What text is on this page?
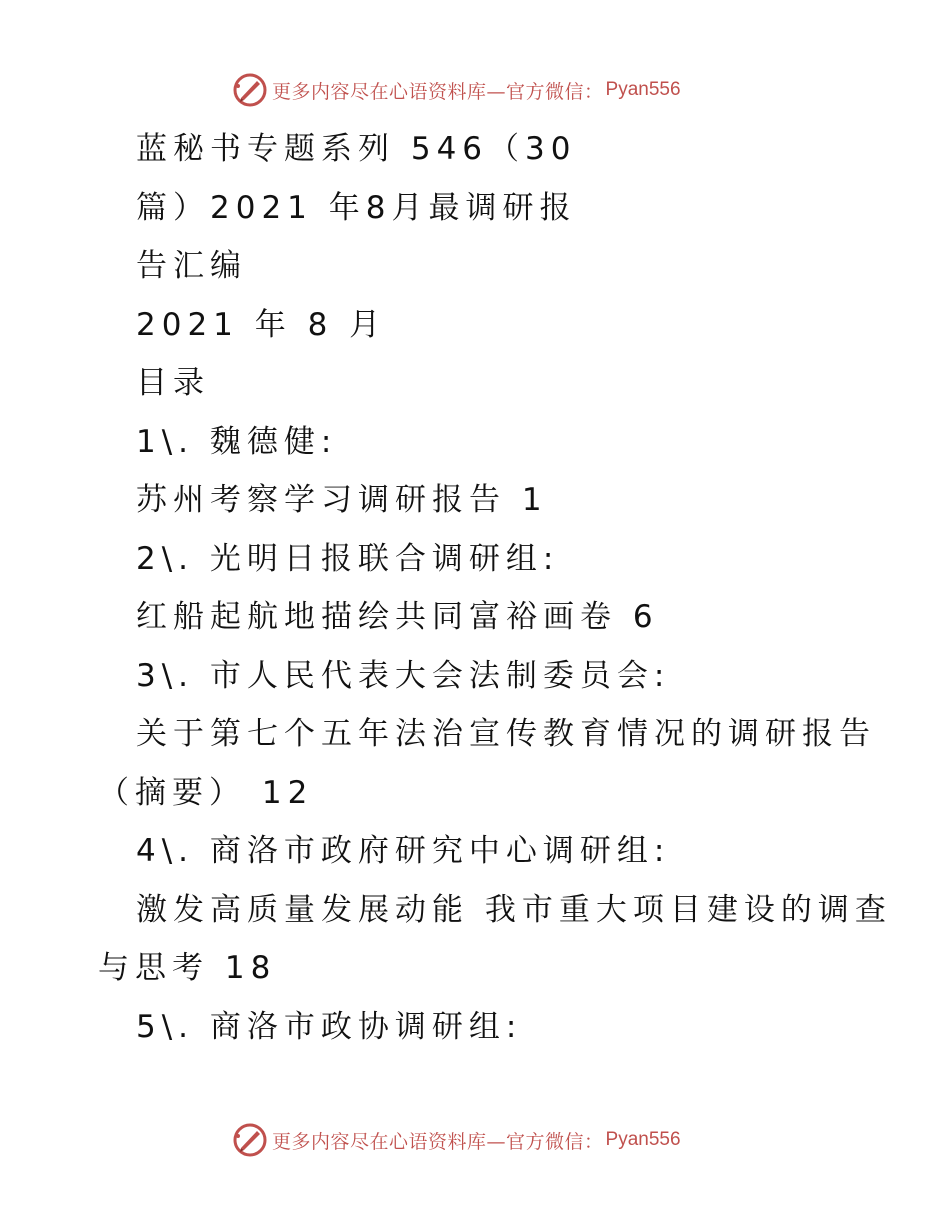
更多内容尽在心语资料库—官方微信： Pyan556
蓝秘书专题系列 546（30
篇）2021 年8月最调研报
告汇编
2021 年 8 月
目录
1\. 魏德健:
苏州考察学习调研报告 1
2\. 光明日报联合调研组:
红船起航地描绘共同富裕画卷 6
3\. 市人民代表大会法制委员会:
关于第七个五年法治宣传教育情况的调研报告
（摘要） 12
4\. 商洛市政府研究中心调研组:
激发高质量发展动能 我市重大项目建设的调查
与思考 18
5\. 商洛市政协调研组:
更多内容尽在心语资料库—官方微信： Pyan556
